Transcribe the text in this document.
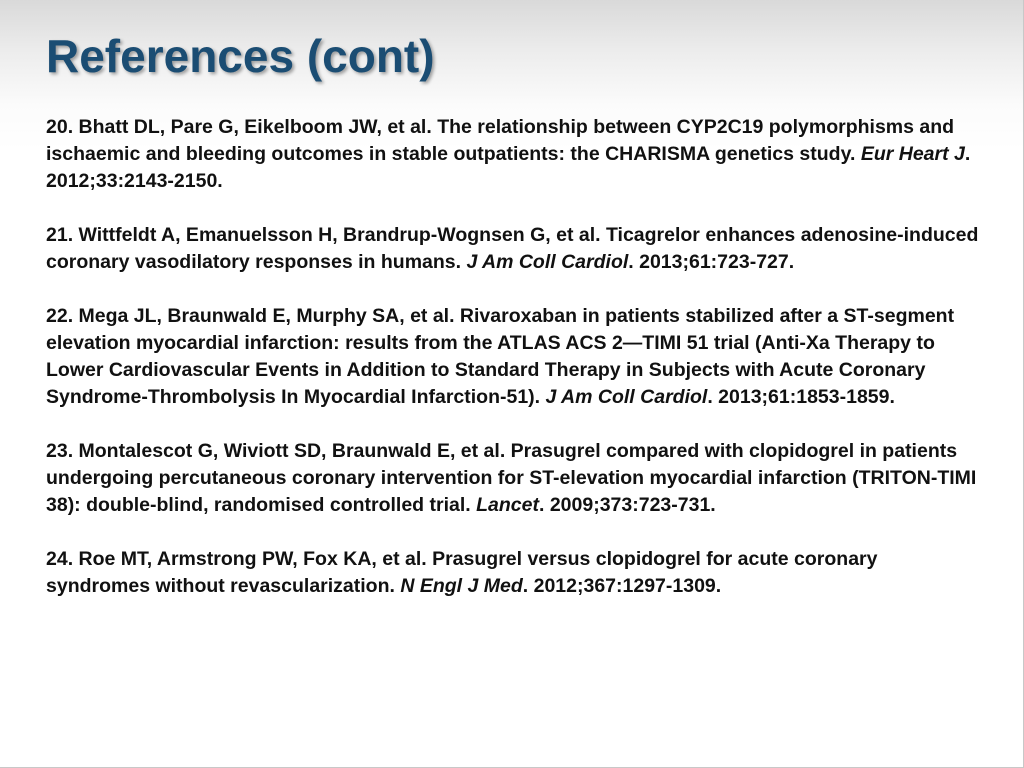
References (cont)

20. Bhatt DL, Pare G, Eikelboom JW, et al. The relationship between CYP2C19 polymorphisms and ischaemic and bleeding outcomes in stable outpatients: the CHARISMA genetics study. Eur Heart J. 2012;33:2143-2150.

21. Wittfeldt A, Emanuelsson H, Brandrup-Wognsen G, et al. Ticagrelor enhances adenosine-induced coronary vasodilatory responses in humans. J Am Coll Cardiol. 2013;61:723-727.

22. Mega JL, Braunwald E, Murphy SA, et al. Rivaroxaban in patients stabilized after a ST-segment elevation myocardial infarction: results from the ATLAS ACS 2—TIMI 51 trial (Anti-Xa Therapy to Lower Cardiovascular Events in Addition to Standard Therapy in Subjects with Acute Coronary Syndrome-Thrombolysis In Myocardial Infarction-51). J Am Coll Cardiol. 2013;61:1853-1859.

23. Montalescot G, Wiviott SD, Braunwald E, et al. Prasugrel compared with clopidogrel in patients undergoing percutaneous coronary intervention for ST-elevation myocardial infarction (TRITON-TIMI 38): double-blind, randomised controlled trial. Lancet. 2009;373:723-731.

24. Roe MT, Armstrong PW, Fox KA, et al. Prasugrel versus clopidogrel for acute coronary syndromes without revascularization. N Engl J Med. 2012;367:1297-1309.
